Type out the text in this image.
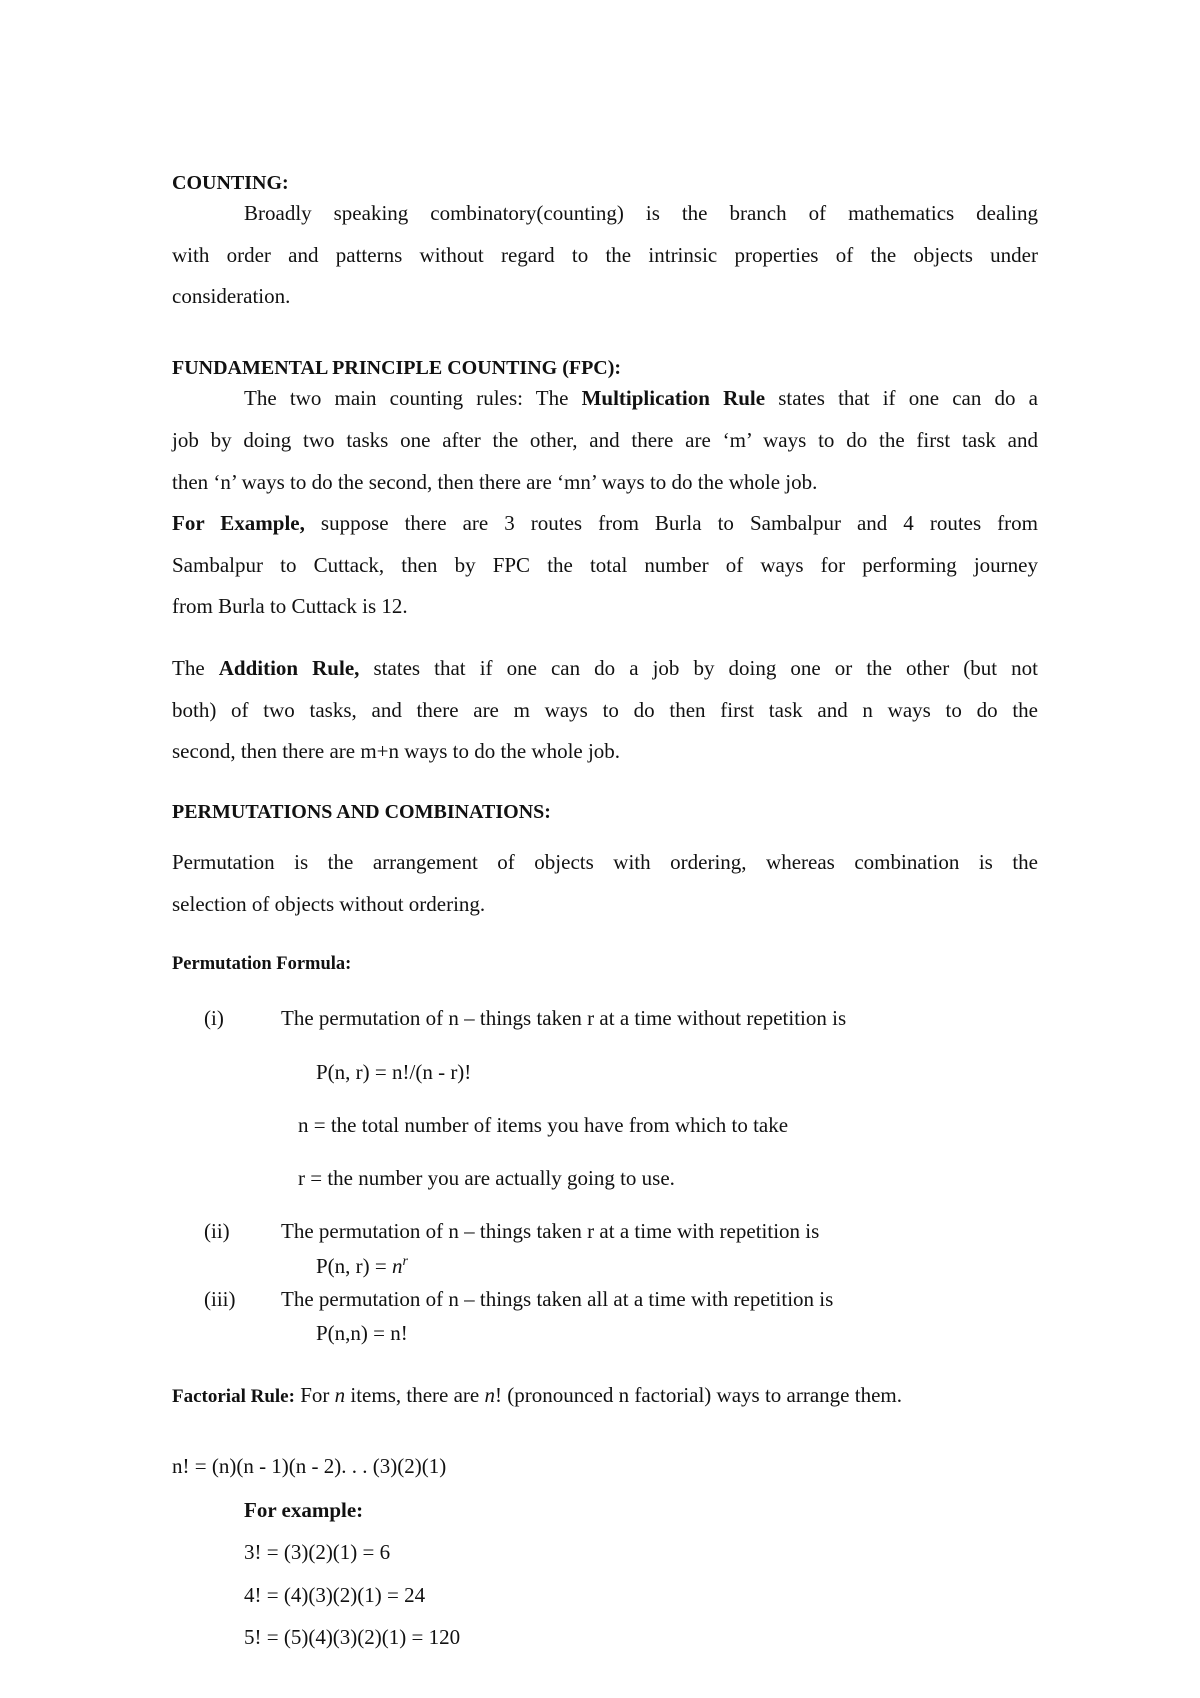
COUNTING:
Broadly speaking combinatory(counting) is the branch of mathematics dealing
with order and patterns without regard to the intrinsic properties of the objects under
consideration.
FUNDAMENTAL PRINCIPLE COUNTING (FPC):
The two main counting rules: The Multiplication Rule states that if one can do a
job by doing two tasks one after the other, and there are ‘m’ ways to do the first task and
then ‘n’ ways to do the second, then there are ‘mn’ ways to do the whole job.
For Example, suppose there are 3 routes from Burla to Sambalpur and 4 routes from
Sambalpur to Cuttack, then by FPC the total number of ways for performing journey
from Burla to Cuttack is 12.
The Addition Rule, states that if one can do a job by doing one or the other (but not
both) of two tasks, and there are m ways to do then first task and n ways to do the
second, then there are m+n ways to do the whole job.
PERMUTATIONS AND COMBINATIONS:
Permutation is the arrangement of objects with ordering, whereas combination is the
selection of objects without ordering.
Permutation Formula:
(i)	The permutation of n – things taken r at a time without repetition is
P(n, r) = n!/(n - r)!
n = the total number of items you have from which to take
r = the number you are actually going to use.
(ii) The permutation of n – things taken r at a time with repetition is
P(n, $r) = n^r$
(iii) The permutation of n – things taken all at a time with repetition is
P(n,n) = n!
Factorial Rule: For n items, there are n! (pronounced n factorial) ways to arrange them.
n! = (n)(n - 1)(n - 2). . . (3)(2)(1)
For example:
3! = (3)(2)(1) = 6
4! = (4)(3)(2)(1) = 24
5! = (5)(4)(3)(2)(1) = 120
